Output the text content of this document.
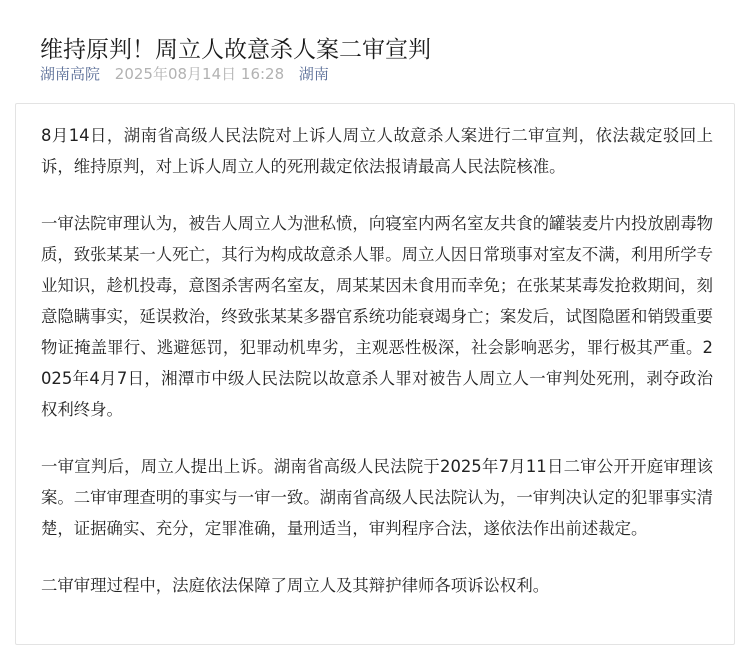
维持原判！周立人故意杀人案二审宣判
湖南高院 2025年08月14日 16:28 湖南

8月14日，湖南省高级人民法院对上诉人周立人故意杀人案进行二审宣判，依法裁定驳回上诉，维持原判，对上诉人周立人的死刑裁定依法报请最高人民法院核准。

一审法院审理认为，被告人周立人为泄私愤，向寝室内两名室友共食的罐装麦片内投放剧毒物质，致张某某一人死亡，其行为构成故意杀人罪。周立人因日常琐事对室友不满，利用所学专业知识，趁机投毒，意图杀害两名室友，周某某因未食用而幸免；在张某某毒发抢救期间，刻意隐瞒事实，延误救治，终致张某某多器官系统功能衰竭身亡；案发后，试图隐匿和销毁重要物证掩盖罪行、逃避惩罚，犯罪动机卑劣，主观恶性极深，社会影响恶劣，罪行极其严重。2025年4月7日，湘潭市中级人民法院以故意杀人罪对被告人周立人一审判处死刑，剥夺政治权利终身。

一审宣判后，周立人提出上诉。湖南省高级人民法院于2025年7月11日二审公开开庭审理该案。二审审理查明的事实与一审一致。湖南省高级人民法院认为，一审判决认定的犯罪事实清楚，证据确实、充分，定罪准确，量刑适当，审判程序合法，遂依法作出前述裁定。

二审审理过程中，法庭依法保障了周立人及其辩护律师各项诉讼权利。
